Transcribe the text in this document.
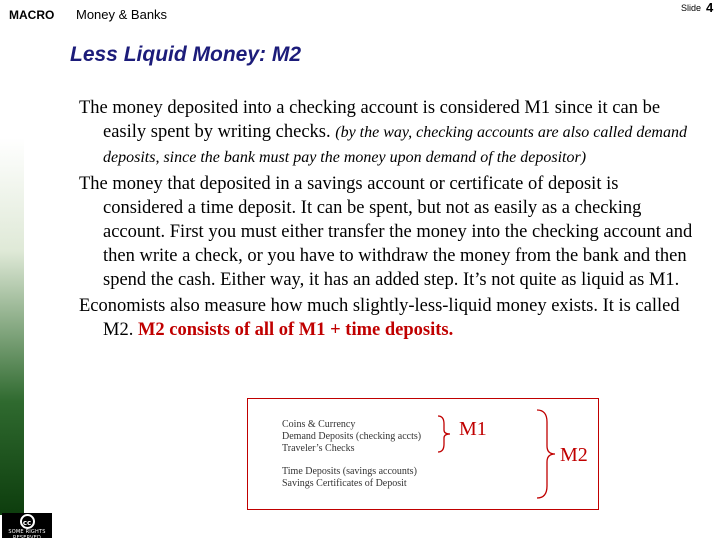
MACRO Money & Banks	Slide 4
Less Liquid Money: M2

The money deposited into a checking account is considered M1 since it can be easily spent by writing checks. (by the way, checking accounts are also called demand deposits, since the bank must pay the money upon demand of the depositor)

The money that deposited in a savings account or certificate of deposit is considered a time deposit. It can be spent, but not as easily as a checking account. First you must either transfer the money into the checking account and then write a check, or you have to withdraw the money from the bank and then spend the cash. Either way, it has an added step. It’s not quite as liquid as M1.

Economists also measure how much slightly-less-liquid money exists. It is called M2. M2 consists of all of M1 + time deposits.

Coins & Currency
Demand Deposits (checking accts)
Traveler’s Checks
Time Deposits (savings accounts)
Savings Certificates of Deposit
M1
M2
cc
SOME RIGHTS RESERVED
